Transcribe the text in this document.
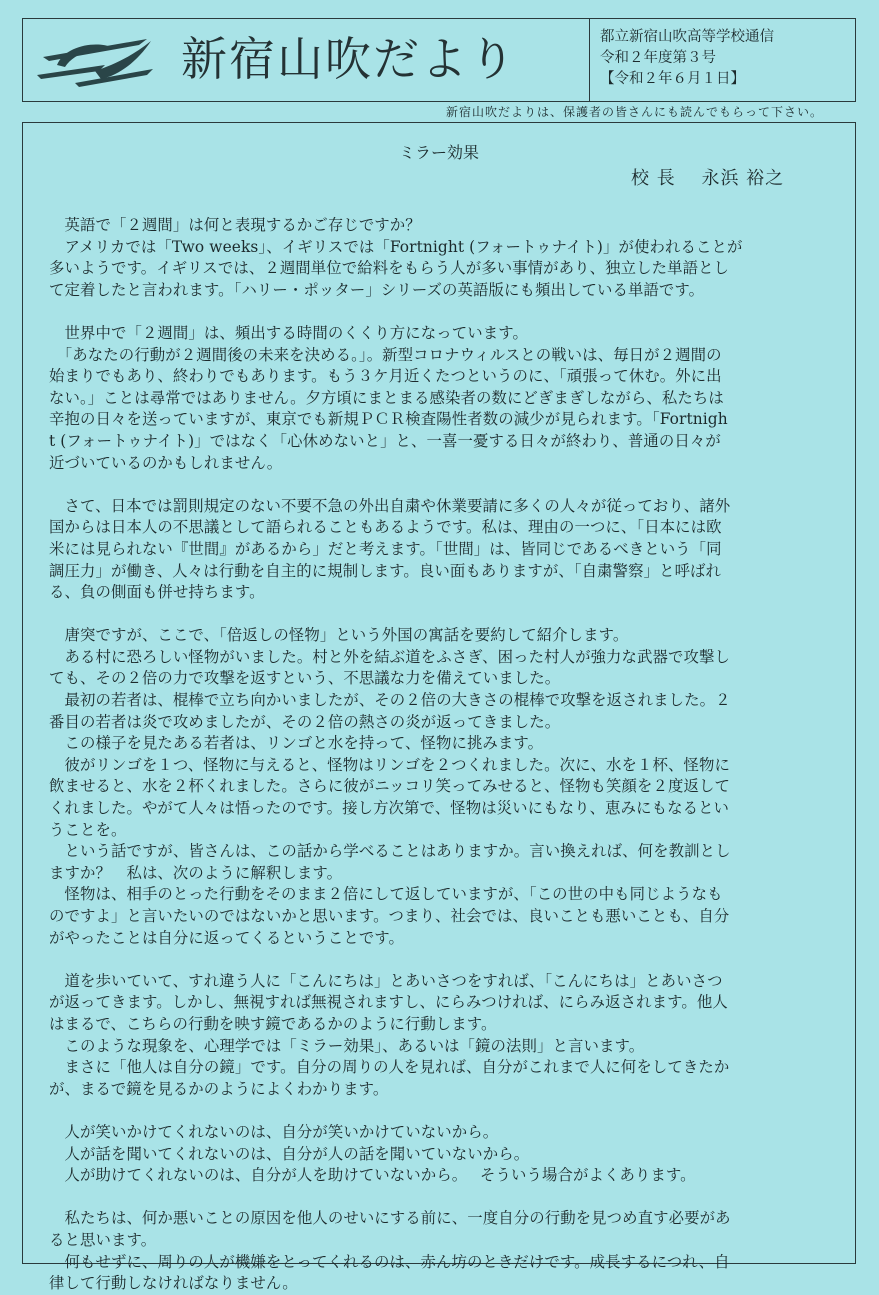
新宿山吹だより	都立新宿山吹高等学校通信
令和２年度第３号
【令和２年６月１日】
新宿山吹だよりは、保護者の皆さんにも読んでもらって下さい。
ミラー効果
校 長　 永浜 裕之

　英語で「２週間」は何と表現するかご存じですか？

　アメリカでは「Two weeks」、イギリスでは「Fortnight (フォートゥナイト)」が使われることが

多いようです。イギリスでは、２週間単位で給料をもらう人が多い事情があり、独立した単語とし

て定着したと言われます。「ハリー・ポッター」シリーズの英語版にも頻出している単語です。

　世界中で「２週間」は、頻出する時間のくくり方になっています。

　「あなたの行動が２週間後の未来を決める。」。新型コロナウィルスとの戦いは、毎日が２週間の

始まりでもあり、終わりでもあります。もう３ケ月近くたつというのに、「頑張って休む。外に出

ない。」ことは尋常ではありません。夕方頃にまとまる感染者の数にどぎまぎしながら、私たちは

辛抱の日々を送っていますが、東京でも新規ＰＣＲ検査陽性者数の減少が見られます。「Fortnigh

t (フォートゥナイト)」ではなく「心休めないと」と、一喜一憂する日々が終わり、普通の日々が

近づいているのかもしれません。

　さて、日本では罰則規定のない不要不急の外出自粛や休業要請に多くの人々が従っており、諸外

国からは日本人の不思議として語られることもあるようです。私は、理由の一つに、「日本には欧

米には見られない『世間』があるから」だと考えます。「世間」は、皆同じであるべきという「同

調圧力」が働き、人々は行動を自主的に規制します。良い面もありますが、「自粛警察」と呼ばれ

る、負の側面も併せ持ちます。

　唐突ですが、ここで、「倍返しの怪物」という外国の寓話を要約して紹介します。

　ある村に恐ろしい怪物がいました。村と外を結ぶ道をふさぎ、困った村人が強力な武器で攻撃し

ても、その２倍の力で攻撃を返すという、不思議な力を備えていました。

　最初の若者は、棍棒で立ち向かいましたが、その２倍の大きさの棍棒で攻撃を返されました。２

番目の若者は炎で攻めましたが、その２倍の熱さの炎が返ってきました。

　この様子を見たある若者は、リンゴと水を持って、怪物に挑みます。

　彼がリンゴを１つ、怪物に与えると、怪物はリンゴを２つくれました。次に、水を１杯、怪物に

飲ませると、水を２杯くれました。さらに彼がニッコリ笑ってみせると、怪物も笑顔を２度返して

くれました。やがて人々は悟ったのです。接し方次第で、怪物は災いにもなり、恵みにもなるとい

うことを。

　という話ですが、皆さんは、この話から学べることはありますか。言い換えれば、何を教訓とし

ますか？　私は、次のように解釈します。

　怪物は、相手のとった行動をそのまま２倍にして返していますが、「この世の中も同じようなも

のですよ」と言いたいのではないかと思います。つまり、社会では、良いことも悪いことも、自分

がやったことは自分に返ってくるということです。

　道を歩いていて、すれ違う人に「こんにちは」とあいさつをすれば、「こんにちは」とあいさつ

が返ってきます。しかし、無視すれば無視されますし、にらみつければ、にらみ返されます。他人

はまるで、こちらの行動を映す鏡であるかのように行動します。

　このような現象を、心理学では「ミラー効果」、あるいは「鏡の法則」と言います。

　まさに「他人は自分の鏡」です。自分の周りの人を見れば、自分がこれまで人に何をしてきたか

が、まるで鏡を見るかのようによくわかります。

　人が笑いかけてくれないのは、自分が笑いかけていないから。

　人が話を聞いてくれないのは、自分が人の話を聞いていないから。

　人が助けてくれないのは、自分が人を助けていないから。　 そういう場合がよくあります。

　私たちは、何か悪いことの原因を他人のせいにする前に、一度自分の行動を見つめ直す必要があ

ると思います。

　何もせずに、周りの人が機嫌をとってくれるのは、赤ん坊のときだけです。成長するにつれ、自

律して行動しなければなりません。
